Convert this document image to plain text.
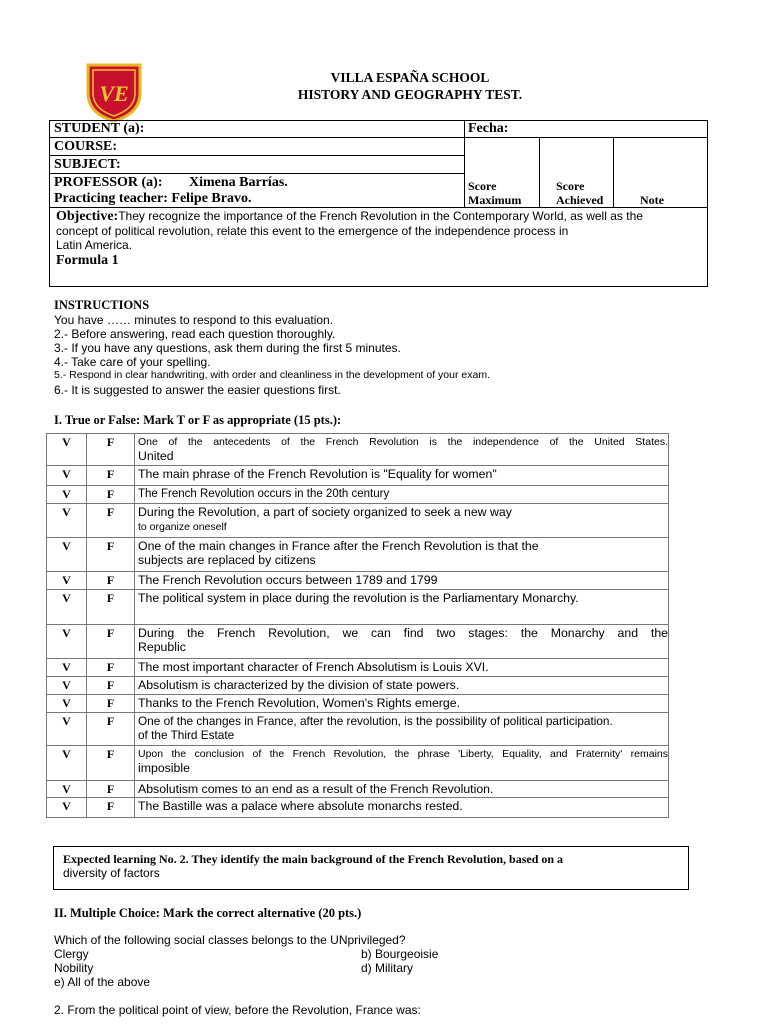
VE
VILLA ESPAÑA SCHOOL
HISTORY AND GEOGRAPHY TEST.
STUDENT (a):	Fecha:
COURSE:
SUBJECT:
PROFESSOR (a): Ximena Barrías.
Practicing teacher: Felipe Bravo.
Score
Maximum
Score
Achieved	Note
Objective:They recognize the importance of the French Revolution in the Contemporary World, as well as the
concept of political revolution, relate this event to the emergence of the independence process in
Latin America.
Formula 1
INSTRUCTIONS
You have …… minutes to respond to this evaluation.
2.- Before answering, read each question thoroughly.
3.- If you have any questions, ask them during the first 5 minutes.
4.- Take care of your spelling.
5.- Respond in clear handwriting, with order and cleanliness in the development of your exam.
6.- It is suggested to answer the easier questions first.
I. True or False: Mark T or F as appropriate (15 pts.):
V	F	One of the antecedents of the French Revolution is the independence of the United States.
United
V	F	The main phrase of the French Revolution is "Equality for women"
V	F	The French Revolution occurs in the 20th century
V	F	During the Revolution, a part of society organized to seek a new way
to organize oneself
V	F	One of the main changes in France after the French Revolution is that the
subjects are replaced by citizens
V	F	The French Revolution occurs between 1789 and 1799
V	F	The political system in place during the revolution is the Parliamentary Monarchy.
V	F	During the French Revolution, we can find two stages: the Monarchy and the
Republic
V	F	The most important character of French Absolutism is Louis XVI.
V	F	Absolutism is characterized by the division of state powers.
V	F	Thanks to the French Revolution, Women's Rights emerge.
V	F	One of the changes in France, after the revolution, is the possibility of political participation.
of the Third Estate
V	F	Upon the conclusion of the French Revolution, the phrase 'Liberty, Equality, and Fraternity' remains
imposible
V	F	Absolutism comes to an end as a result of the French Revolution.
V	F	The Bastille was a palace where absolute monarchs rested.
Expected learning No. 2. They identify the main background of the French Revolution, based on a
diversity of factors
II. Multiple Choice: Mark the correct alternative (20 pts.)
Which of the following social classes belongs to the UNprivileged?
Clergy	b) Bourgeoisie
Nobility	d) Military
e) All of the above
2. From the political point of view, before the Revolution, France was:
